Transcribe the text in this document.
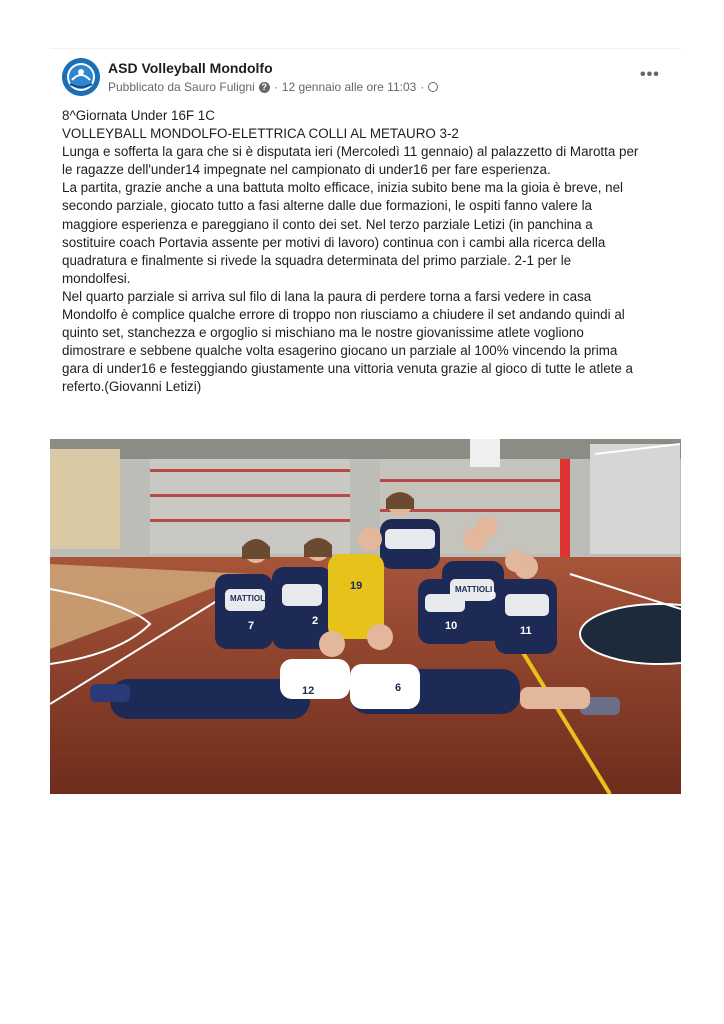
ASD Volleyball Mondolfo
Pubblicato da Sauro Fuligni ? · 12 gennaio alle ore 11:03 ·
•••

8^Giornata Under 16F 1C

VOLLEYBALL MONDOLFO-ELETTRICA COLLI AL METAURO 3-2

Lunga e sofferta la gara che si è disputata ieri (Mercoledì 11 gennaio) al palazzetto di Marotta per

le ragazze dell'under14 impegnate nel campionato di under16 per fare esperienza.

La partita, grazie anche a una battuta molto efficace, inizia subito bene ma la gioia è breve, nel

secondo parziale, giocato tutto a fasi alterne dalle due formazioni, le ospiti fanno valere la

maggiore esperienza e pareggiano il conto dei set. Nel terzo parziale Letizi (in panchina a

sostituire coach Portavia assente per motivi di lavoro) continua con i cambi alla ricerca della

quadratura e finalmente si rivede la squadra determinata del primo parziale. 2-1 per le

mondolfesi.

Nel quarto parziale si arriva sul filo di lana la paura di perdere torna a farsi vedere in casa

Mondolfo è complice qualche errore di troppo non riusciamo a chiudere il set andando quindi al

quinto set, stanchezza e orgoglio si mischiano ma le nostre giovanissime atlete vogliono

dimostrare e sebbene qualche volta esagerino giocano un parziale al 100% vincendo la prima

gara di under16 e festeggiando giustamente una vittoria venuta grazie al gioco di tutte le atlete a

referto.(Giovanni Letizi)

7	2
19
9
10	11
12	6
MATTIOLI
MATTIOLI
